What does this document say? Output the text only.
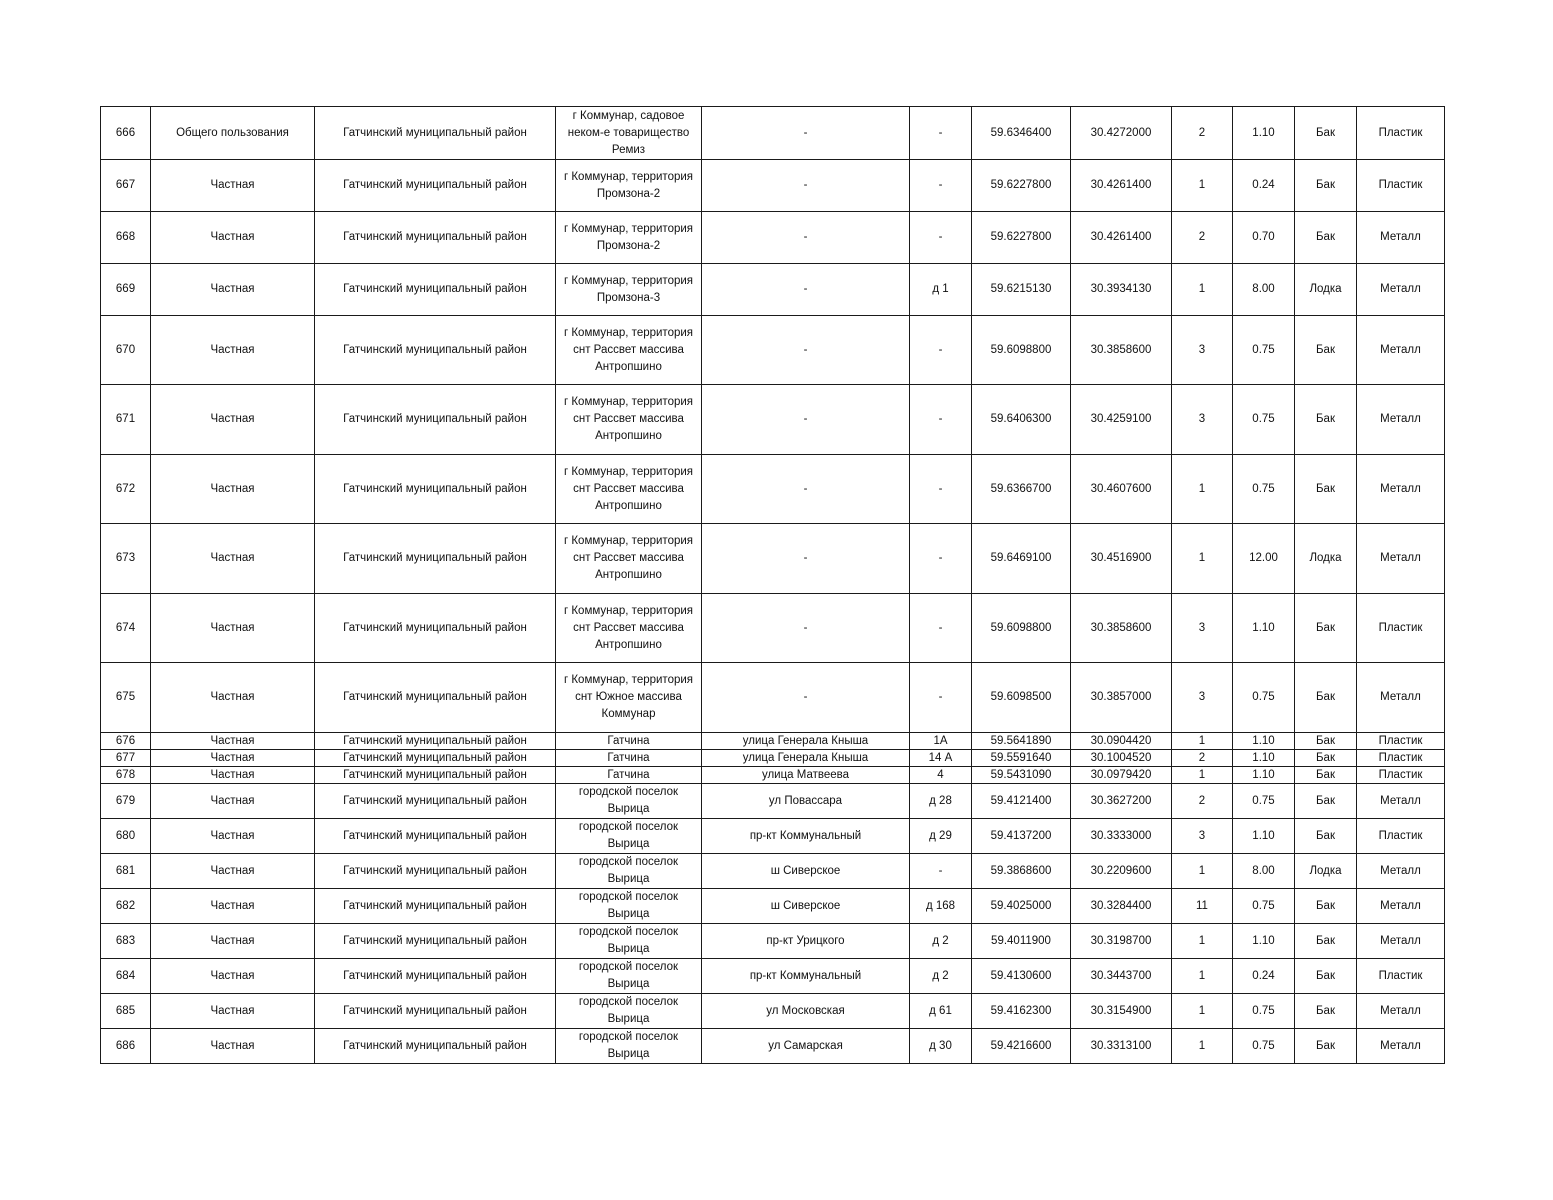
666	Общего пользования	Гатчинский муниципальный район	г Коммунар, садовое неком-е товарищество Ремиз	-	-	59.6346400	30.4272000	2	1.10	Бак	Пластик
667	Частная	Гатчинский муниципальный район	г Коммунар, территория Промзона-2	-	-	59.6227800	30.4261400	1	0.24	Бак	Пластик
668	Частная	Гатчинский муниципальный район	г Коммунар, территория Промзона-2	-	-	59.6227800	30.4261400	2	0.70	Бак	Металл
669	Частная	Гатчинский муниципальный район	г Коммунар, территория Промзона-3	-	д 1	59.6215130	30.3934130	1	8.00	Лодка	Металл
670	Частная	Гатчинский муниципальный район	г Коммунар, территория снт Рассвет массива Антропшино	-	-	59.6098800	30.3858600	3	0.75	Бак	Металл
671	Частная	Гатчинский муниципальный район	г Коммунар, территория снт Рассвет массива Антропшино	-	-	59.6406300	30.4259100	3	0.75	Бак	Металл
672	Частная	Гатчинский муниципальный район	г Коммунар, территория снт Рассвет массива Антропшино	-	-	59.6366700	30.4607600	1	0.75	Бак	Металл
673	Частная	Гатчинский муниципальный район	г Коммунар, территория снт Рассвет массива Антропшино	-	-	59.6469100	30.4516900	1	12.00	Лодка	Металл
674	Частная	Гатчинский муниципальный район	г Коммунар, территория снт Рассвет массива Антропшино	-	-	59.6098800	30.3858600	3	1.10	Бак	Пластик
675	Частная	Гатчинский муниципальный район	г Коммунар, территория снт Южное массива Коммунар	-	-	59.6098500	30.3857000	3	0.75	Бак	Металл
676	Частная	Гатчинский муниципальный район	Гатчина	улица Генерала Кныша	1А	59.5641890	30.0904420	1	1.10	Бак	Пластик
677	Частная	Гатчинский муниципальный район	Гатчина	улица Генерала Кныша	14 А	59.5591640	30.1004520	2	1.10	Бак	Пластик
678	Частная	Гатчинский муниципальный район	Гатчина	улица Матвеева	4	59.5431090	30.0979420	1	1.10	Бак	Пластик
679	Частная	Гатчинский муниципальный район	городской поселок Вырица	ул Повассара	д 28	59.4121400	30.3627200	2	0.75	Бак	Металл
680	Частная	Гатчинский муниципальный район	городской поселок Вырица	пр-кт Коммунальный	д 29	59.4137200	30.3333000	3	1.10	Бак	Пластик
681	Частная	Гатчинский муниципальный район	городской поселок Вырица	ш Сиверское	-	59.3868600	30.2209600	1	8.00	Лодка	Металл
682	Частная	Гатчинский муниципальный район	городской поселок Вырица	ш Сиверское	д 168	59.4025000	30.3284400	11	0.75	Бак	Металл
683	Частная	Гатчинский муниципальный район	городской поселок Вырица	пр-кт Урицкого	д 2	59.4011900	30.3198700	1	1.10	Бак	Металл
684	Частная	Гатчинский муниципальный район	городской поселок Вырица	пр-кт Коммунальный	д 2	59.4130600	30.3443700	1	0.24	Бак	Пластик
685	Частная	Гатчинский муниципальный район	городской поселок Вырица	ул Московская	д 61	59.4162300	30.3154900	1	0.75	Бак	Металл
686	Частная	Гатчинский муниципальный район	городской поселок Вырица	ул Самарская	д 30	59.4216600	30.3313100	1	0.75	Бак	Металл
